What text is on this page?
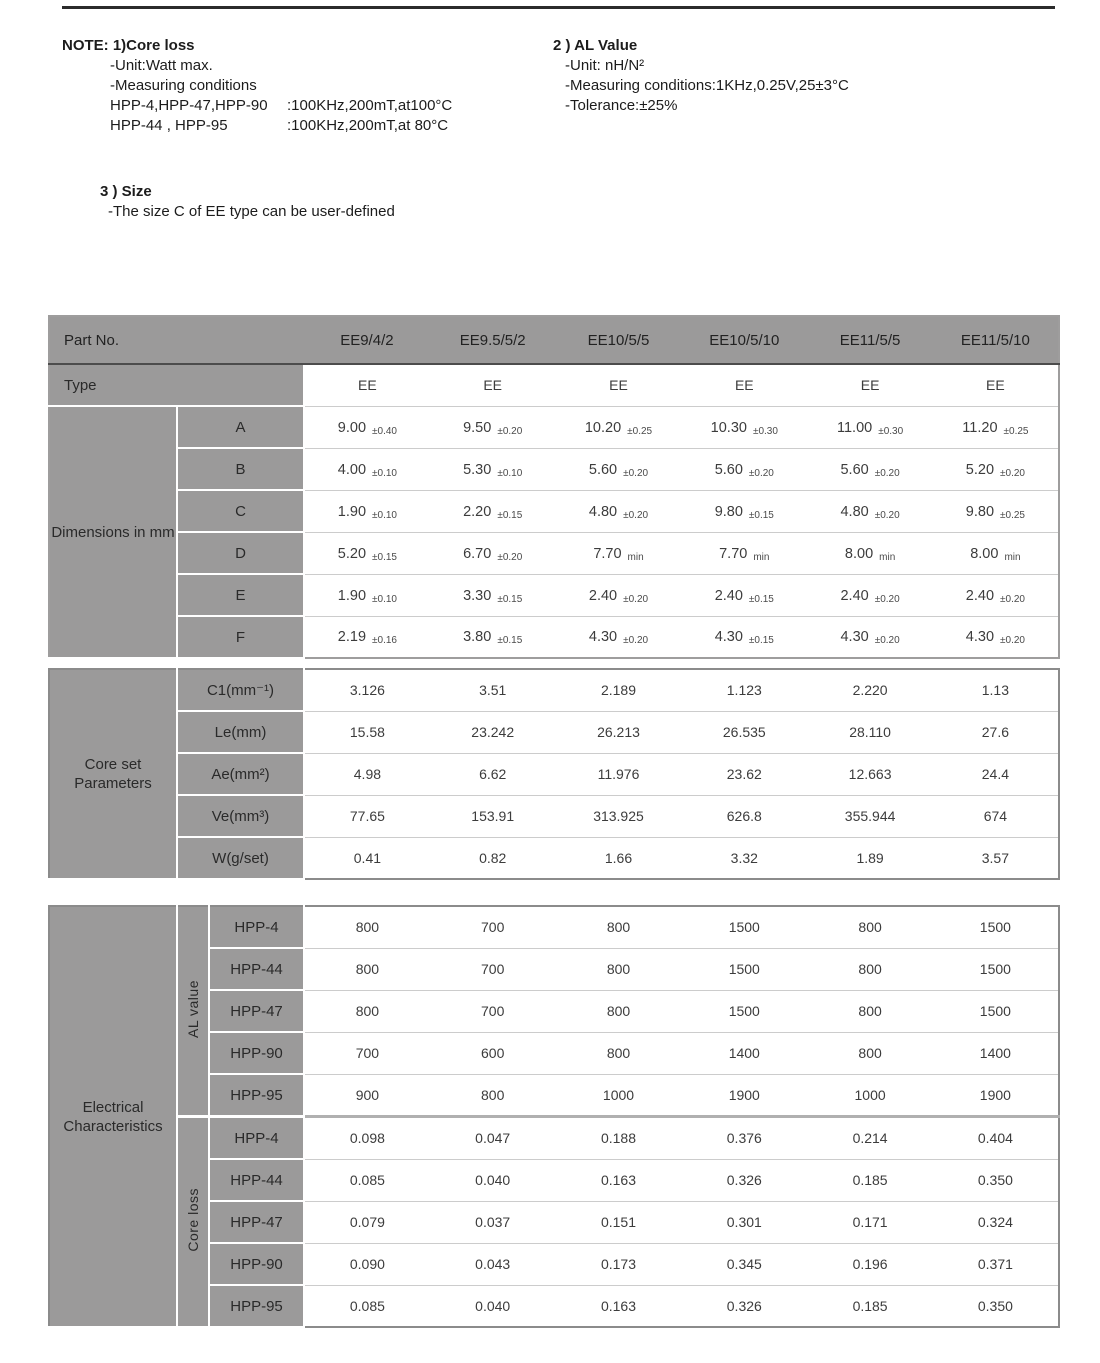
NOTE: 1)Core loss
-Unit:Watt max.
-Measuring conditions
HPP-4,HPP-47,HPP-90	:100KHz,200mT,at100°C
HPP-44 , HPP-95	:100KHz,200mT,at 80°C
2 ) AL Value
-Unit: nH/N²
-Measuring conditions:1KHz,0.25V,25±3°C
-Tolerance:±25%
3 ) Size
-The size C of EE type can be user-defined
Part No.		EE9/4/2	EE9.5/5/2	EE10/5/5	EE10/5/10	EE11/5/5	EE11/5/10
Type		EE	EE	EE	EE	EE	EE
Dimensions in mm	A	9.00 ±0.40	9.50 ±0.20	10.20 ±0.25	10.30 ±0.30	11.00 ±0.30	11.20 ±0.25
	B	4.00 ±0.10	5.30 ±0.10	5.60 ±0.20	5.60 ±0.20	5.60 ±0.20	5.20 ±0.20
	C	1.90 ±0.10	2.20 ±0.15	4.80 ±0.20	9.80 ±0.15	4.80 ±0.20	9.80 ±0.25
	D	5.20 ±0.15	6.70 ±0.20	7.70 min	7.70 min	8.00 min	8.00 min
	E	1.90 ±0.10	3.30 ±0.15	2.40 ±0.20	2.40 ±0.15	2.40 ±0.20	2.40 ±0.20
	F	2.19 ±0.16	3.80 ±0.15	4.30 ±0.20	4.30 ±0.15	4.30 ±0.20	4.30 ±0.20
Core set Parameters	C1(mm⁻¹)	3.126	3.51	2.189	1.123	2.220	1.13
	Le(mm)	15.58	23.242	26.213	26.535	28.110	27.6
	Ae(mm²)	4.98	6.62	11.976	23.62	12.663	24.4
	Ve(mm³)	77.65	153.91	313.925	626.8	355.944	674
	W(g/set)	0.41	0.82	1.66	3.32	1.89	3.57
Electrical Characteristics	AL value	HPP-4	800	700	800	1500	800	1500
		HPP-44	800	700	800	1500	800	1500
		HPP-47	800	700	800	1500	800	1500
		HPP-90	700	600	800	1400	800	1400
		HPP-95	900	800	1000	1900	1000	1900
	Core loss	HPP-4	0.098	0.047	0.188	0.376	0.214	0.404
		HPP-44	0.085	0.040	0.163	0.326	0.185	0.350
		HPP-47	0.079	0.037	0.151	0.301	0.171	0.324
		HPP-90	0.090	0.043	0.173	0.345	0.196	0.371
		HPP-95	0.085	0.040	0.163	0.326	0.185	0.350
